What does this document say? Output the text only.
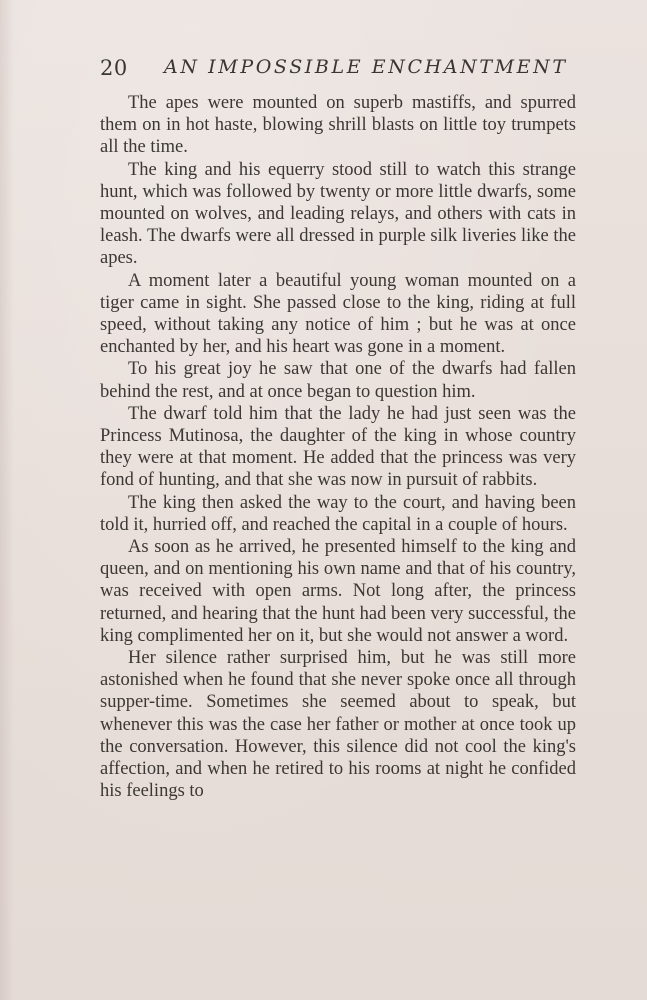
20 AN IMPOSSIBLE ENCHANTMENT

The apes were mounted on superb mastiffs, and spurred them on in hot haste, blowing shrill blasts on little toy trumpets all the time.

The king and his equerry stood still to watch this strange hunt, which was followed by twenty or more little dwarfs, some mounted on wolves, and leading relays, and others with cats in leash. The dwarfs were all dressed in purple silk liveries like the apes.

A moment later a beautiful young woman mounted on a tiger came in sight. She passed close to the king, riding at full speed, without taking any notice of him ; but he was at once enchanted by her, and his heart was gone in a moment.

To his great joy he saw that one of the dwarfs had fallen behind the rest, and at once began to question him.

The dwarf told him that the lady he had just seen was the Princess Mutinosa, the daughter of the king in whose country they were at that moment. He added that the princess was very fond of hunting, and that she was now in pursuit of rabbits.

The king then asked the way to the court, and having been told it, hurried off, and reached the capital in a couple of hours.

As soon as he arrived, he presented himself to the king and queen, and on mentioning his own name and that of his country, was received with open arms. Not long after, the princess returned, and hearing that the hunt had been very successful, the king complimented her on it, but she would not answer a word.

Her silence rather surprised him, but he was still more astonished when he found that she never spoke once all through supper-time. Sometimes she seemed about to speak, but whenever this was the case her father or mother at once took up the conversation. However, this silence did not cool the king's affection, and when he retired to his rooms at night he confided his feelings to
